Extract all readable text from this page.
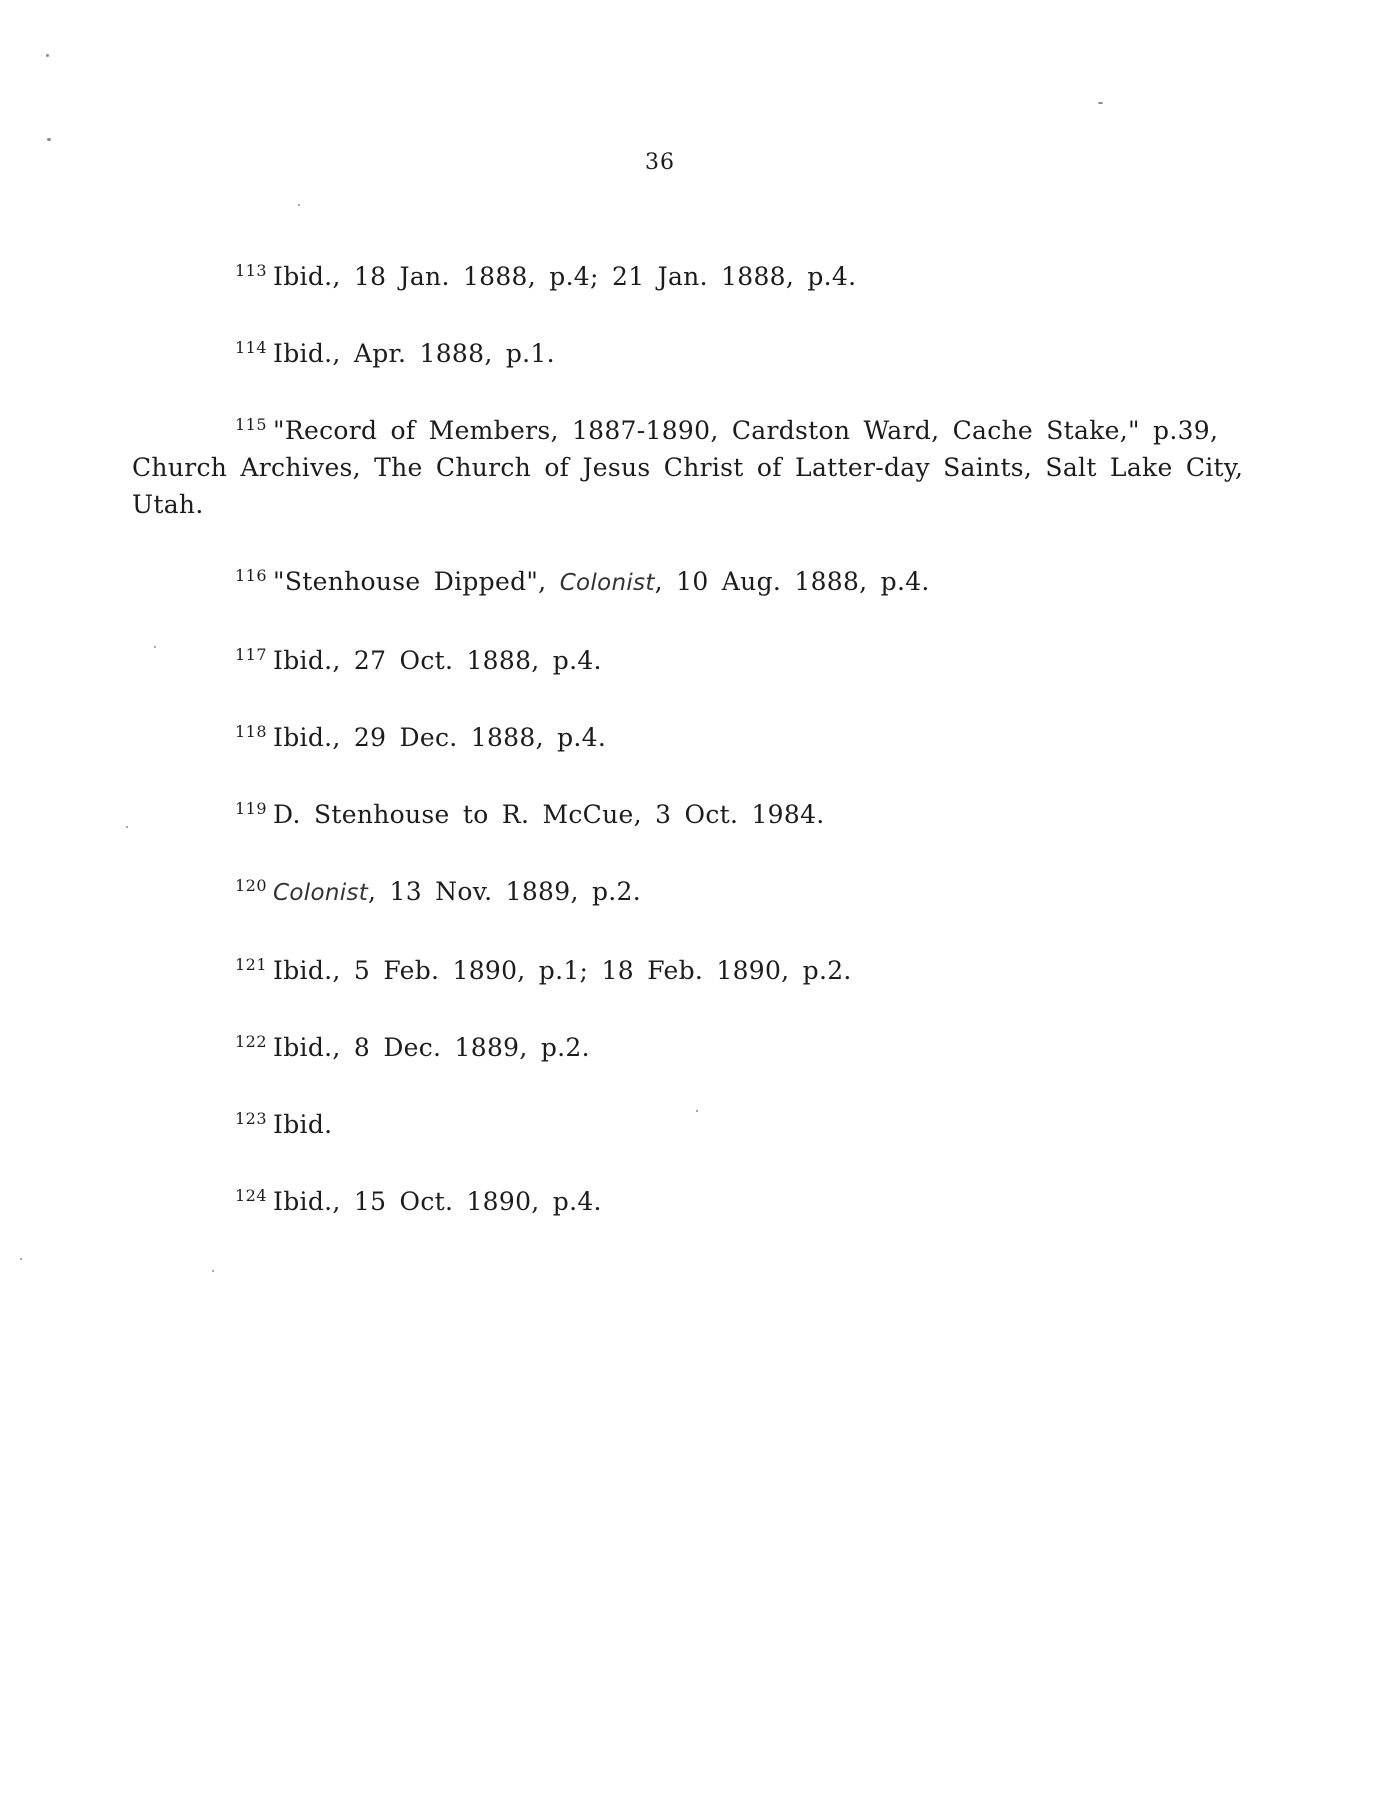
36

$^{113}$ Ibid., 18 Jan. 1888, p.4; 21 Jan. 1888, p.4.

$^{114}$ Ibid., Apr. 1888, p.1.

$^{115}$ "Record of Members, 1887-1890, Cardston Ward, Cache Stake," p.39, Church Archives, The Church of Jesus Christ of Latter-day Saints, Salt Lake City, Utah.

$^{116}$ "Stenhouse Dipped", Colonist, 10 Aug. 1888, p.4.

$^{117}$ Ibid., 27 Oct. 1888, p.4.

$^{118}$ Ibid., 29 Dec. 1888, p.4.

$^{119}$ D. Stenhouse to R. McCue, 3 Oct. 1984.

$^{120}$ Colonist, 13 Nov. 1889, p.2.

$^{121}$ Ibid., 5 Feb. 1890, p.1; 18 Feb. 1890, p.2.

$^{122}$ Ibid., 8 Dec. 1889, p.2.

$^{123}$ Ibid.

$^{124}$ Ibid., 15 Oct. 1890, p.4.
